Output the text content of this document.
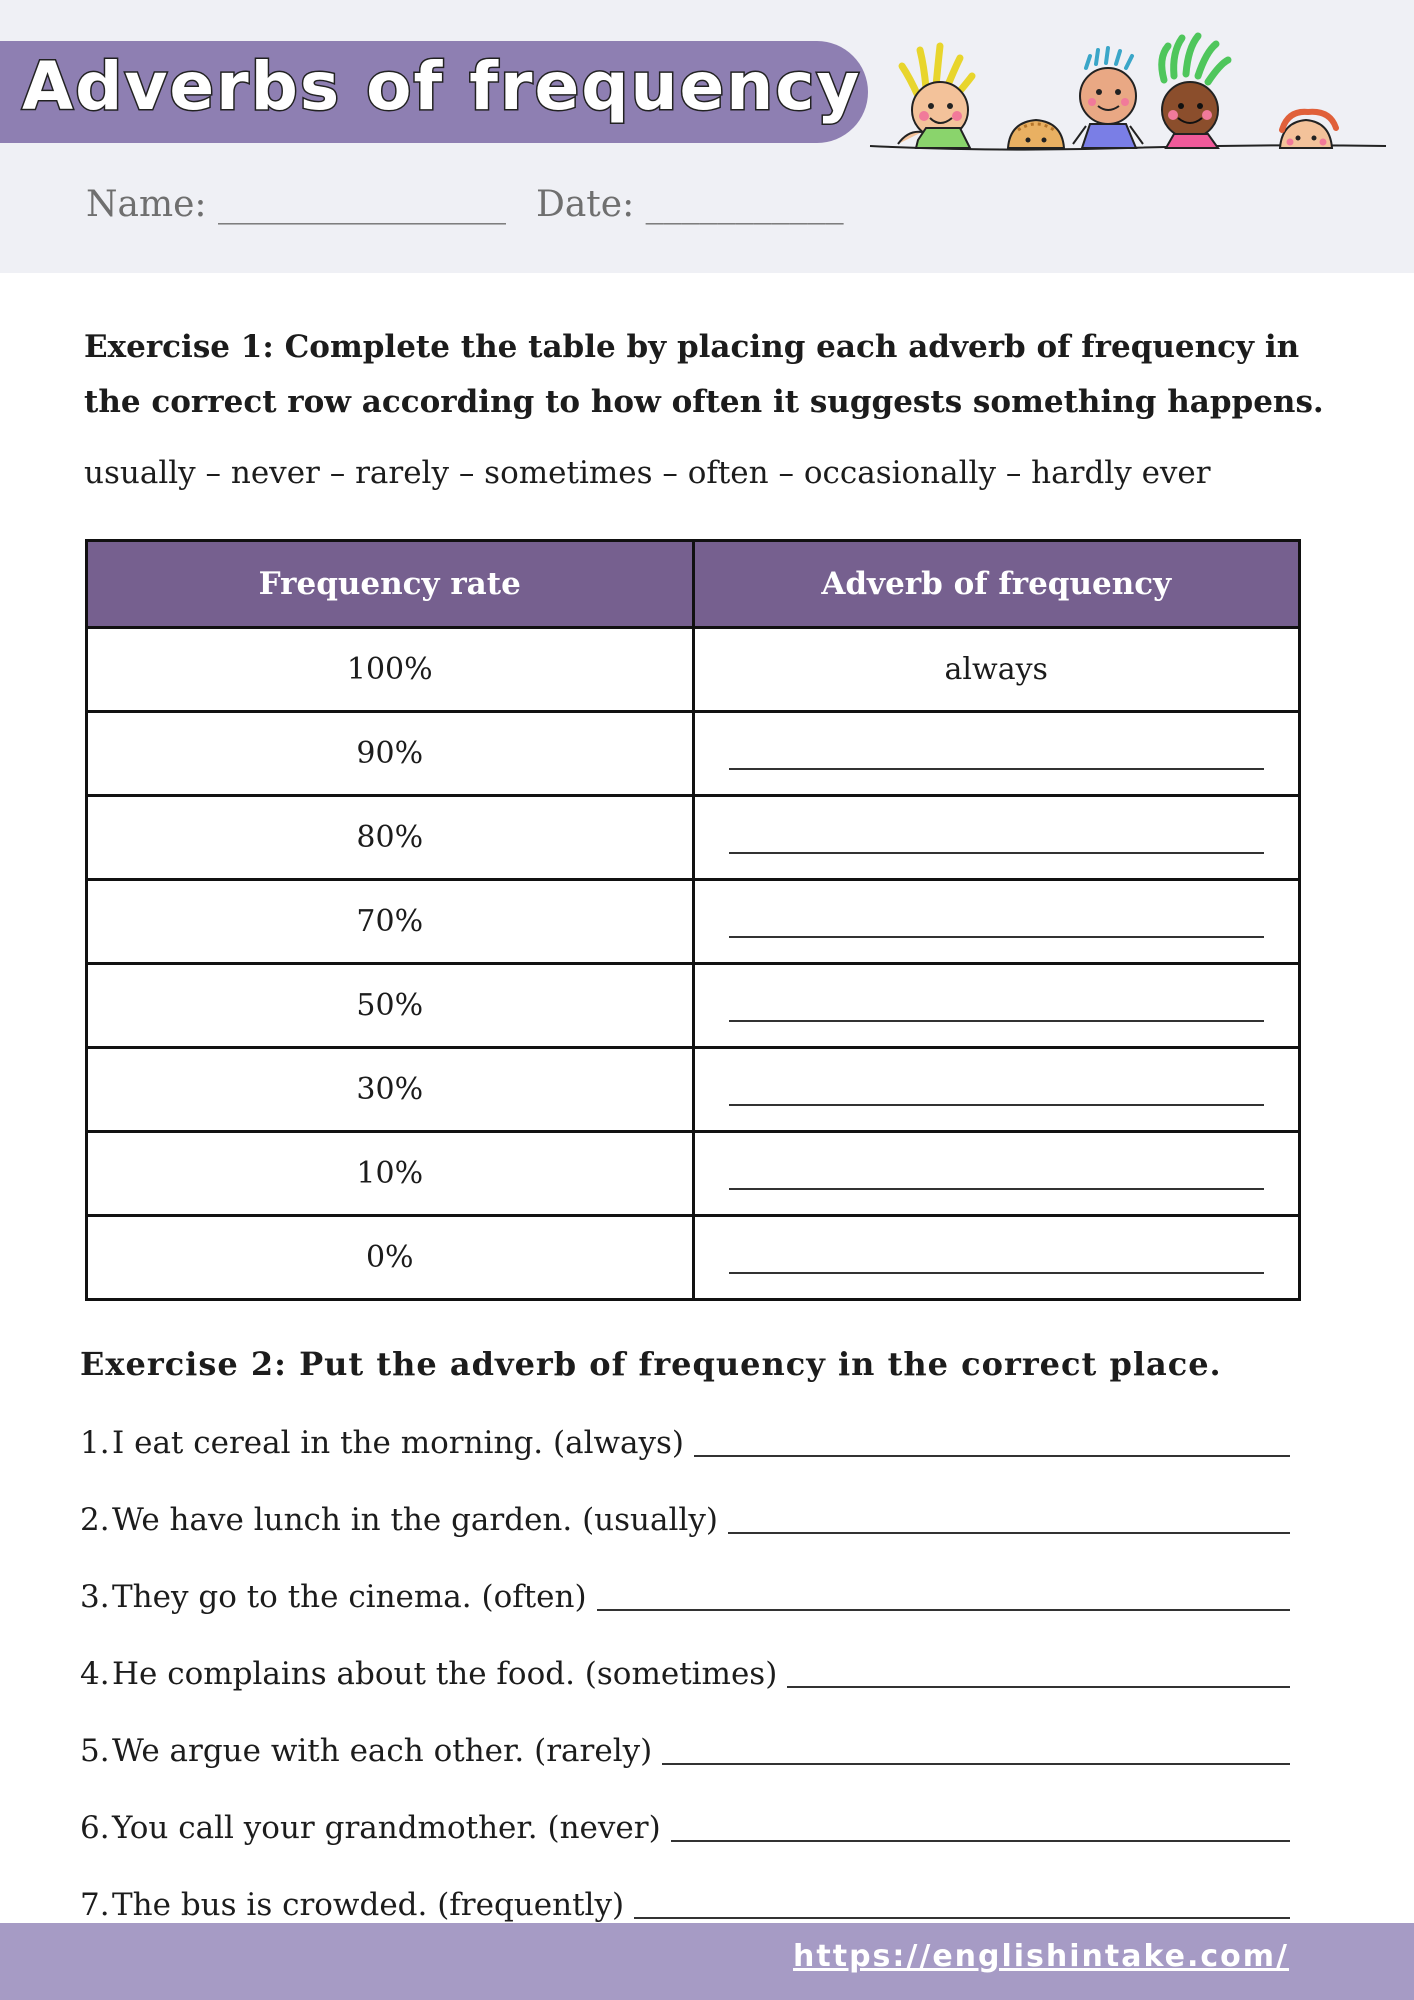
Adverbs of frequency
Name: ________________ Date: ___________
Exercise 1: Complete the table by placing each adverb of frequency in the correct row according to how often it suggests something happens.
usually – never – rarely – sometimes – often – occasionally – hardly ever
Frequency rate	Adverb of frequency
100%	always
90%	
80%	
70%	
50%	
30%	
10%	
0%	
Exercise 2: Put the adverb of frequency in the correct place.
1. I eat cereal in the morning. (always)
2. We have lunch in the garden. (usually)
3. They go to the cinema. (often)
4. He complains about the food. (sometimes)
5. We argue with each other. (rarely)
6. You call your grandmother. (never)
7. The bus is crowded. (frequently)
https://englishintake.com/
